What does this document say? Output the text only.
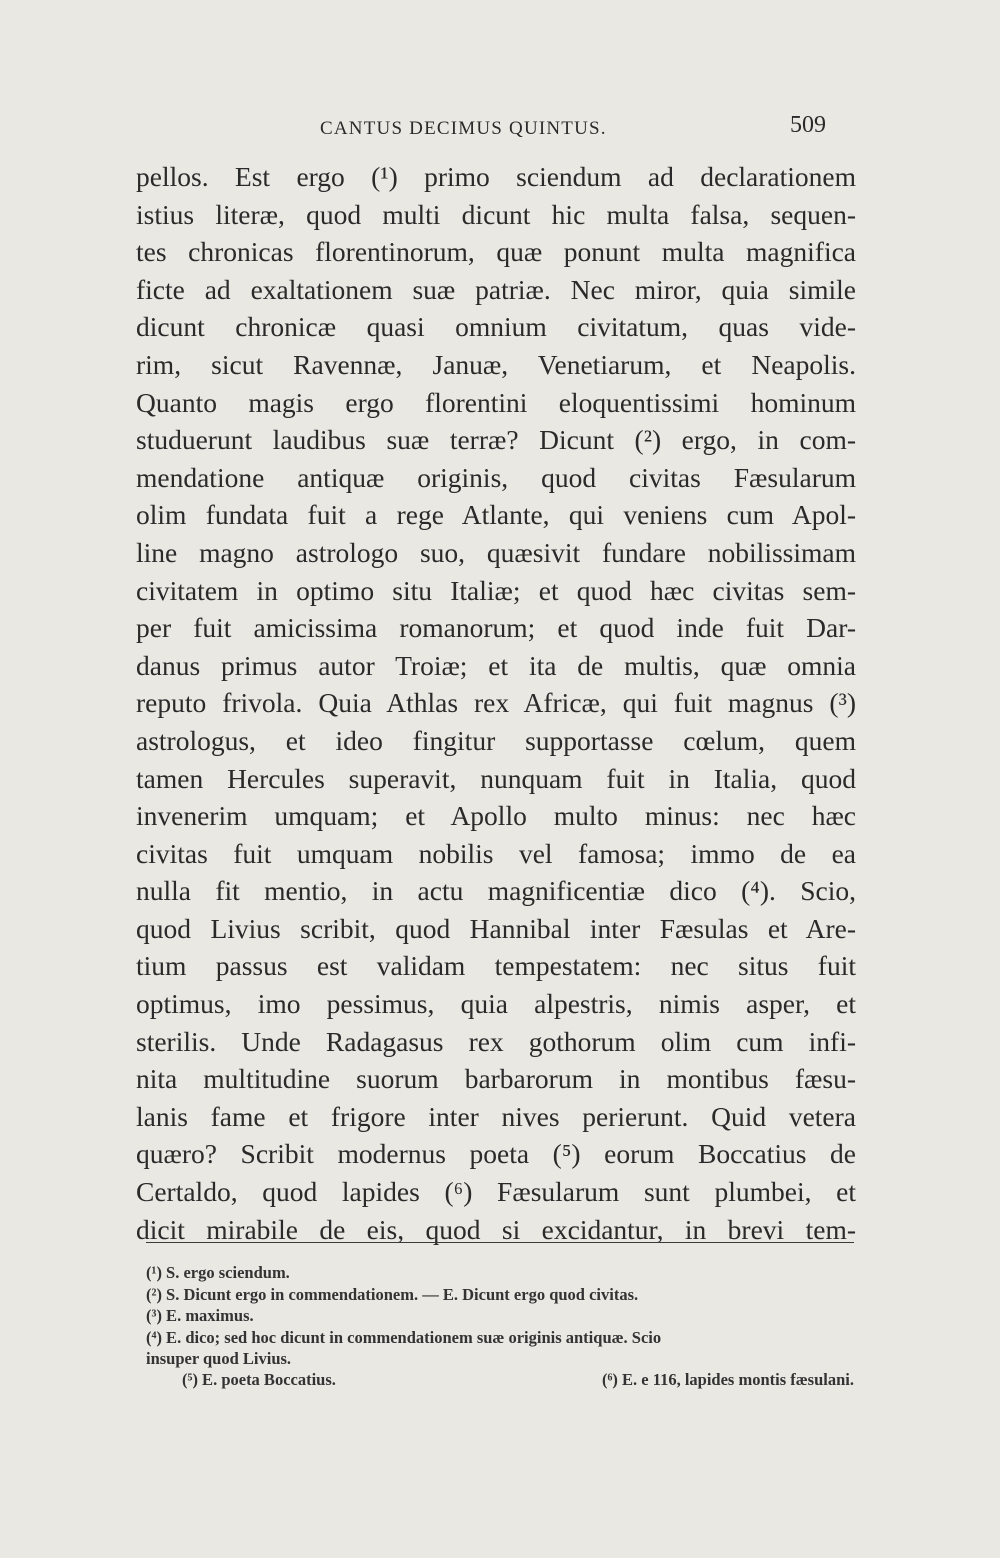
CANTUS DECIMUS QUINTUS.	509
pellos. Est ergo (¹) primo sciendum ad declarationem
istius literæ, quod multi dicunt hic multa falsa, sequen-
tes chronicas florentinorum, quæ ponunt multa magnifica
ficte ad exaltationem suæ patriæ. Nec miror, quia simile
dicunt chronicæ quasi omnium civitatum, quas vide-
rim, sicut Ravennæ, Januæ, Venetiarum, et Neapolis.
Quanto magis ergo florentini eloquentissimi hominum
studuerunt laudibus suæ terræ? Dicunt (²) ergo, in com-
mendatione antiquæ originis, quod civitas Fæsularum
olim fundata fuit a rege Atlante, qui veniens cum Apol-
line magno astrologo suo, quæsivit fundare nobilissimam
civitatem in optimo situ Italiæ; et quod hæc civitas sem-
per fuit amicissima romanorum; et quod inde fuit Dar-
danus primus autor Troiæ; et ita de multis, quæ omnia
reputo frivola. Quia Athlas rex Africæ, qui fuit magnus (³)
astrologus, et ideo fingitur supportasse cœlum, quem
tamen Hercules superavit, nunquam fuit in Italia, quod
invenerim umquam; et Apollo multo minus: nec hæc
civitas fuit umquam nobilis vel famosa; immo de ea
nulla fit mentio, in actu magnificentiæ dico (⁴). Scio,
quod Livius scribit, quod Hannibal inter Fæsulas et Are-
tium passus est validam tempestatem: nec situs fuit
optimus, imo pessimus, quia alpestris, nimis asper, et
sterilis. Unde Radagasus rex gothorum olim cum infi-
nita multitudine suorum barbarorum in montibus fæsu-
lanis fame et frigore inter nives perierunt. Quid vetera
quæro? Scribit modernus poeta (⁵) eorum Boccatius de
Certaldo, quod lapides (⁶) Fæsularum sunt plumbei, et
dicit mirabile de eis, quod si excidantur, in brevi tem-
(¹) S. ergo sciendum.
(²) S. Dicunt ergo in commendationem. — E. Dicunt ergo quod civitas.
(³) E. maximus.
(⁴) E. dico; sed hoc dicunt in commendationem suæ originis antiquæ. Scio
insuper quod Livius.
(⁵) E. poeta Boccatius.	(⁶) E. e 116, lapides montis fæsulani.
